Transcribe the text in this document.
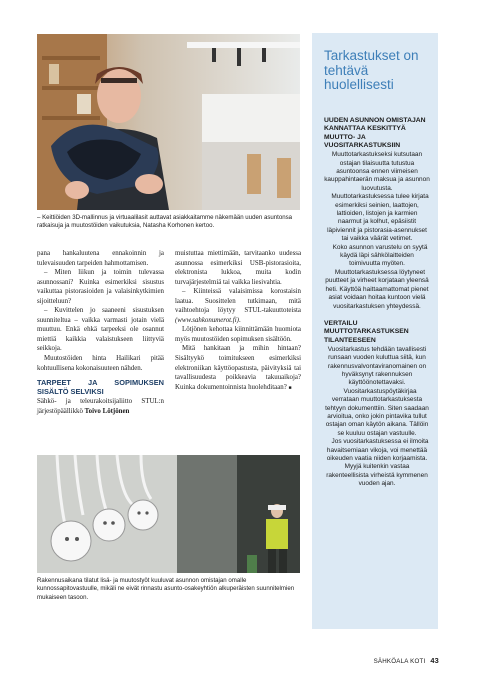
– Keittiöiden 3D-mallinnus ja virtuaalilasit auttavat asiakkaitamme näkemään uuden asuntonsa ratkaisuja ja muutostöiden vaikutuksia, Natasha Korhonen kertoo.

pana hankaluutena ennakoinnin ja tulevaisuuden tarpeiden hahmottamisen.

– Miten liikun ja toimin tulevassa asunnossani? Kuinka esimerkiksi sisustus vaikuttaa pistorasioiden ja valaisinkytkimien sijoitteluun?

– Kuvittelen jo saaneeni sisustuksen suunniteltua – vaikka varmasti jotain vielä muuttuu. Enkä ehkä tarpeeksi ole osannut miettiä kaikkia valaistukseen liittyviä seikkoja.

Muutostöiden hinta Hailikari pitää kohtuullisena kokonaisuuteen nähden.

TARPEET JA SOPIMUKSEN SISÄLTÖ SELVIKSI

Sähkö- ja teleurakoitsijaliitto STUL:n järjestöpäällikkö Toivo Lötjönen

muistuttaa miettimään, tarvitaanko uudessa asunnossa esimerkiksi USB-pistorasioita, elektronista lukkoa, muita kodin turvajärjestelmiä tai vaikka liesivahtia.

– Kiinteissä valaisimissa korostaisin laatua. Suosittelen tutkimaan, mitä vaihtoehtoja löytyy STUL-takuuttoteista (www.sahkonumerot.fi).

Lötjönen kehottaa kiinnittämään huomiota myös muutostöiden sopimuksen sisältöön.

Mitä hankitaan ja mihin hintaan? Sisältyykö toimitukseen esimerkiksi elektroniikan käyttöopastusta, päivityksiä tai tavallisuudesta poikkeavia takuuaikoja? Kuinka dokumentoinnista huolehditaan? ■

Rakennusaikana tilatut lisä- ja muutostyöt kuuluvat asunnon omistajan omalle kunnossapitovastuulle, mikäli ne eivät rinnastu asunto-osakeyhtiön alkuperäisten suunnitelmien mukaiseen tasoon.
Tarkastukset on tehtävä huolellisesti
UUDEN ASUNNON OMISTAJAN KANNATTAA KESKITTYÄ MUUTTO- JA VUOSITARKASTUKSIIN

Muuttotarkastukseksi kutsutaan ostajan tilaisuutta tutustua asuntoonsa ennen viimeisen kauppahintaerän maksua ja asunnon luovutusta.

Muuttotarkastuksessa tulee kirjata esimerkiksi seinien, laattojen, lattioiden, listojen ja karmien naarmut ja kolhut, epäsiistit läpiviennit ja pistorasia-asennukset tai vaikka väärät vetimet.

Koko asunnon varustelu on syytä käydä läpi sähkölaitteiden toimivuutta myöten.

Muuttotarkastuksessa löytyneet puutteet ja virheet korjataan yleensä heti. Käyttöä haittaamattomat pienet asiat voidaan hoitaa kuntoon vielä vuositarkastuksen yhteydessä.

VERTAILU MUUTTOTARKASTUKSEN TILANTEESEEN

Vuositarkastus tehdään tavallisesti runsaan vuoden kuluttua siitä, kun rakennusvalvontaviranomainen on hyväksynyt rakennuksen käyttöönotettavaksi.

Vuositarkastuspöytäkirjaa verrataan muuttotarkastuksesta tehtyyn dokumenttiin. Siten saadaan arvioitua, onko jokin pintavika tullut ostajan oman käytön aikana. Tällöin se kuuluu ostajan vastuulle.

Jos vuositarkastuksessa ei ilmoita havaitsemiaan vikoja, voi menettää oikeuden vaatia niiden korjaamista. Myyjä kuitenkin vastaa rakenteellisista virheistä kymmenen vuoden ajan.

SÄHKÖALA KOTI 43
